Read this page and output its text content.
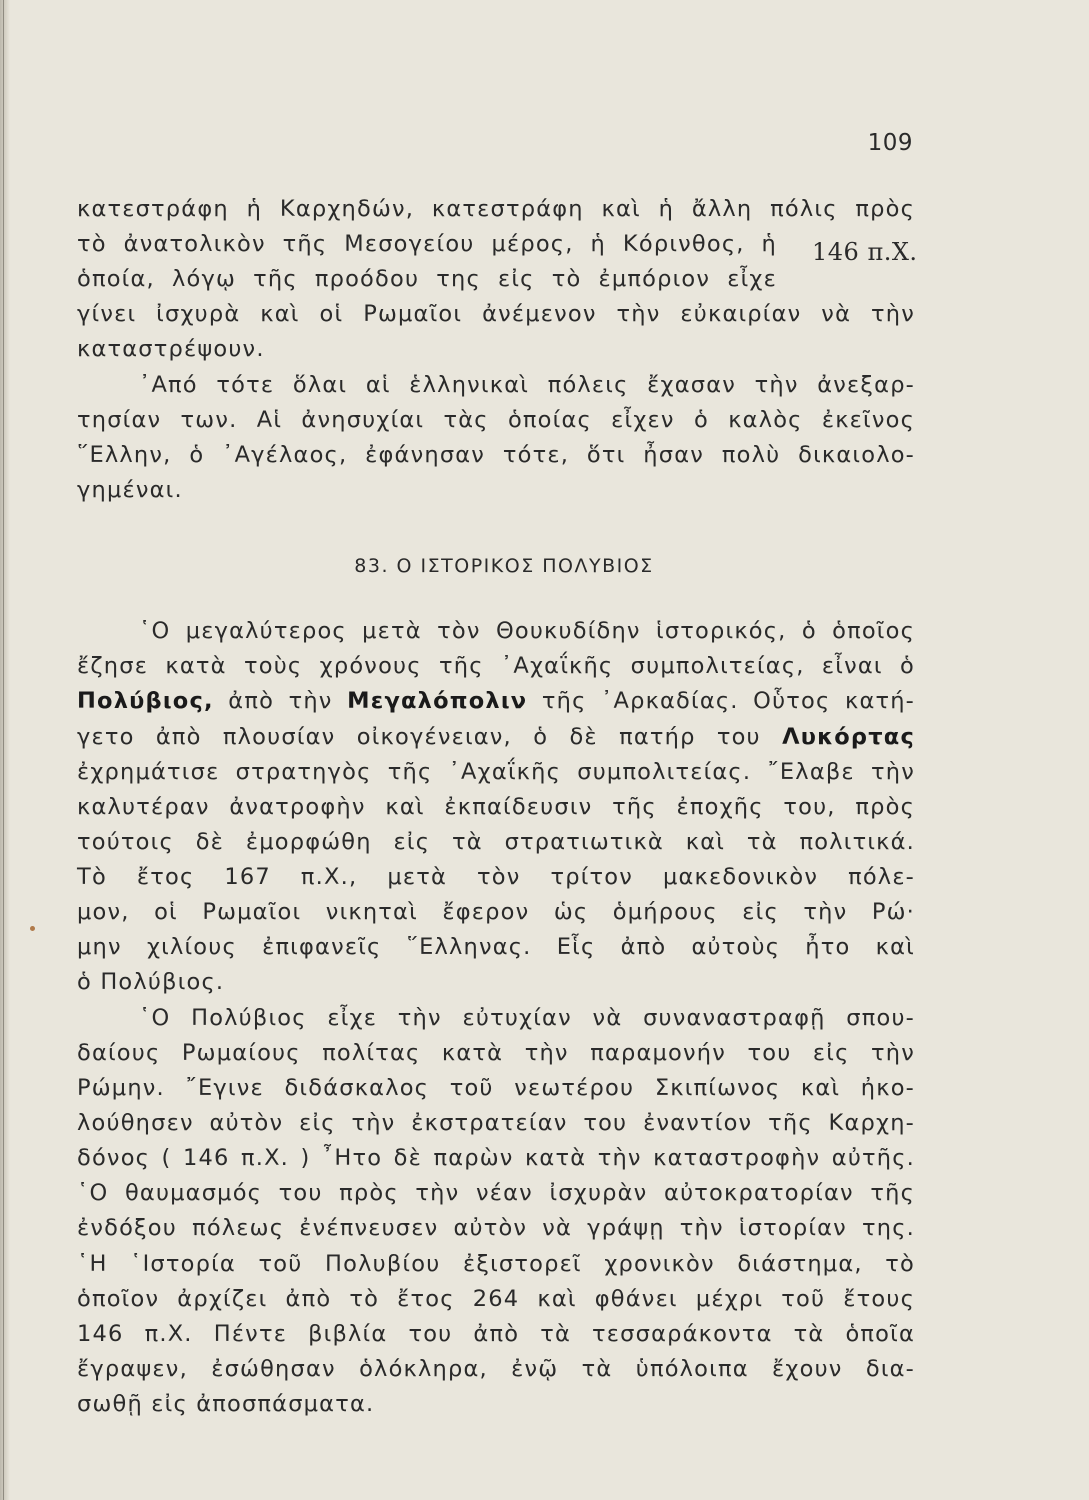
109
146 π.Χ.
κατεστράφη ἡ Καρχηδών, κατεστράφη καὶ ἡ ἄλλη πόλις πρὸς
τὸ ἀνατολικὸν τῆς Μεσογείου μέρος, ἡ Κόρινθος, ἡ
ὁποία, λόγῳ τῆς προόδου της εἰς τὸ ἐμπόριον εἶχε
γίνει ἰσχυρὰ καὶ οἱ Ρωμαῖοι ἀνέμενον τὴν εὐκαιρίαν νὰ τὴν
καταστρέψουν.
᾿Από τότε ὅλαι αἱ ἑλληνικαὶ πόλεις ἔχασαν τὴν ἀνεξαρ-
τησίαν των. Αἱ ἀνησυχίαι τὰς ὁποίας εἶχεν ὁ καλὸς ἐκεῖνος
῞Ελλην, ὁ ᾿Αγέλαος, ἐφάνησαν τότε, ὅτι ἦσαν πολὺ δικαιολο-
γημέναι.
83. Ο ΙΣΤΟΡΙΚΟΣ ΠΟΛΥΒΙΟΣ
῾Ο μεγαλύτερος μετὰ τὸν Θουκυδίδην ἱστορικός, ὁ ὁποῖος
ἔζησε κατὰ τοὺς χρόνους τῆς ᾿Αχαΐκῆς συμπολιτείας, εἶναι ὁ
Πολύβιος, ἀπὸ τὴν Μεγαλόπολιν τῆς ᾿Αρκαδίας. Οὗτος κατή-
γετο ἀπὸ πλουσίαν οἰκογένειαν, ὁ δὲ πατήρ του Λυκόρτας
ἐχρημάτισε στρατηγὸς τῆς ᾿Αχαΐκῆς συμπολιτείας. ῎Ελαβε τὴν
καλυτέραν ἀνατροφὴν καὶ ἐκπαίδευσιν τῆς ἐποχῆς του, πρὸς
τούτοις δὲ ἐμορφώθη εἰς τὰ στρατιωτικὰ καὶ τὰ πολιτικά.
Τὸ ἔτος 167 π.Χ., μετὰ τὸν τρίτον μακεδονικὸν πόλε-
μον, οἱ Ρωμαῖοι νικηταὶ ἔφερον ὡς ὁμήρους εἰς τὴν Ρώ·
μην χιλίους ἐπιφανεῖς ῞Ελληνας. Εἷς ἀπὸ αὐτοὺς ἦτο καὶ
ὁ Πολύβιος.
῾Ο Πολύβιος εἶχε τὴν εὐτυχίαν νὰ συναναστραφῇ σπου-
δαίους Ρωμαίους πολίτας κατὰ τὴν παραμονήν του εἰς τὴν
Ρώμην. ῎Εγινε διδάσκαλος τοῦ νεωτέρου Σκιπίωνος καὶ ἠκο-
λούθησεν αὐτὸν εἰς τὴν ἐκστρατείαν του ἐναντίον τῆς Καρχη-
δόνος ( 146 π.Χ. ) ῏Ητο δὲ παρὼν κατὰ τὴν καταστροφὴν αὐτῆς.
῾Ο θαυμασμός του πρὸς τὴν νέαν ἰσχυρὰν αὐτοκρατορίαν τῆς
ἐνδόξου πόλεως ἐνέπνευσεν αὐτὸν νὰ γράψῃ τὴν ἱστορίαν της.
῾Η ῾Ιστορία τοῦ Πολυβίου ἐξιστορεῖ χρονικὸν διάστημα, τὸ
ὁποῖον ἀρχίζει ἀπὸ τὸ ἔτος 264 καὶ φθάνει μέχρι τοῦ ἔτους
146 π.Χ. Πέντε βιβλία του ἀπὸ τὰ τεσσαράκοντα τὰ ὁποῖα
ἔγραψεν, ἐσώθησαν ὁλόκληρα, ἐνῷ τὰ ὑπόλοιπα ἔχουν δια-
σωθῇ εἰς ἀποσπάσματα.
